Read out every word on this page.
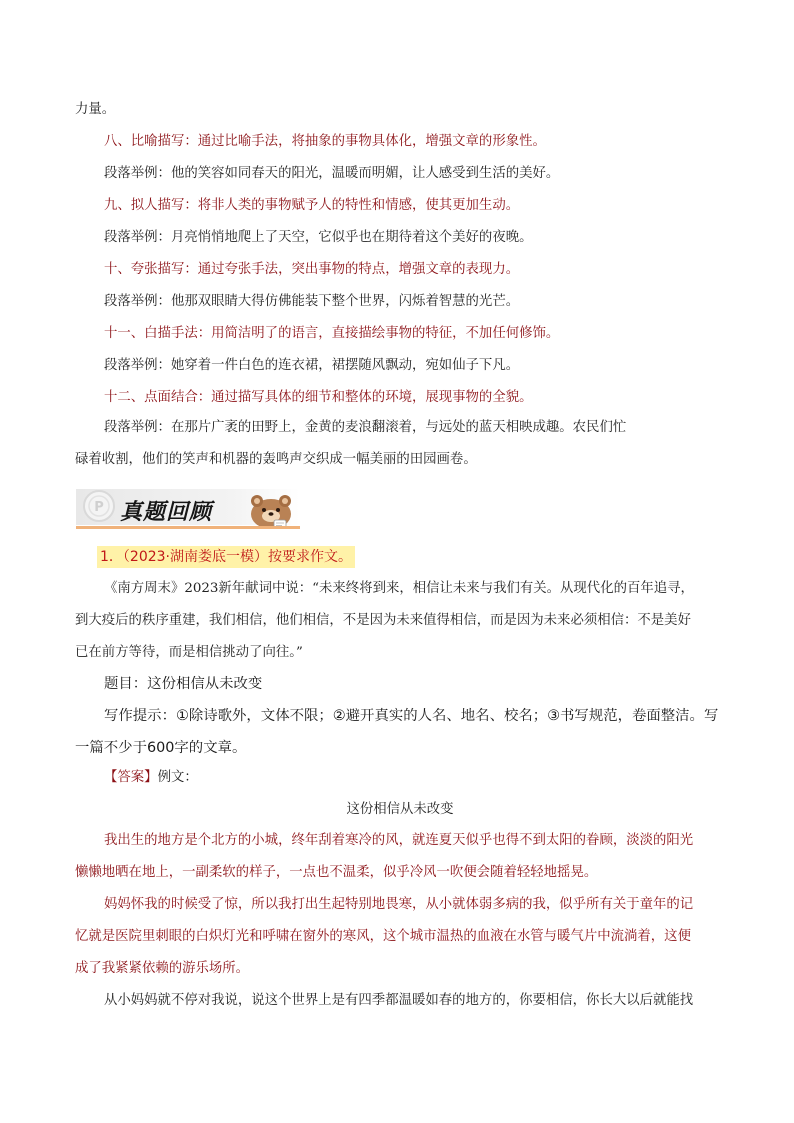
力量。
八、比喻描写：通过比喻手法，将抽象的事物具体化，增强文章的形象性。
段落举例：他的笑容如同春天的阳光，温暖而明媚，让人感受到生活的美好。
九、拟人描写：将非人类的事物赋予人的特性和情感，使其更加生动。
段落举例：月亮悄悄地爬上了天空，它似乎也在期待着这个美好的夜晚。
十、夸张描写：通过夸张手法，突出事物的特点，增强文章的表现力。
段落举例：他那双眼睛大得仿佛能装下整个世界，闪烁着智慧的光芒。
十一、白描手法：用简洁明了的语言，直接描绘事物的特征，不加任何修饰。
段落举例：她穿着一件白色的连衣裙，裙摆随风飘动，宛如仙子下凡。
十二、点面结合：通过描写具体的细节和整体的环境，展现事物的全貌。
段落举例：在那片广袤的田野上，金黄的麦浪翻滚着，与远处的蓝天相映成趣。农民们忙
碌着收割，他们的笑声和机器的轰鸣声交织成一幅美丽的田园画卷。
P 真题回顾
1．（2023·湖南娄底一模）按要求作文。
《南方周末》2023新年献词中说：“未来终将到来，相信让未来与我们有关。从现代化的百年追寻，
到大疫后的秩序重建，我们相信，他们相信，不是因为未来值得相信，而是因为未来必须相信：不是美好
已在前方等待，而是相信挑动了向往。”
题目：这份相信从未改变
写作提示：①除诗歌外，文体不限；②避开真实的人名、地名、校名；③书写规范，卷面整洁。写
一篇不少于600字的文章。
【答案】例文：
这份相信从未改变
我出生的地方是个北方的小城，终年刮着寒冷的风，就连夏天似乎也得不到太阳的眷顾，淡淡的阳光
懒懒地晒在地上，一副柔软的样子，一点也不温柔，似乎冷风一吹便会随着轻轻地摇晃。
妈妈怀我的时候受了惊，所以我打出生起特别地畏寒，从小就体弱多病的我，似乎所有关于童年的记
忆就是医院里刺眼的白炽灯光和呼啸在窗外的寒风，这个城市温热的血液在水管与暖气片中流淌着，这便
成了我紧紧依赖的游乐场所。
从小妈妈就不停对我说，说这个世界上是有四季都温暖如春的地方的，你要相信，你长大以后就能找
